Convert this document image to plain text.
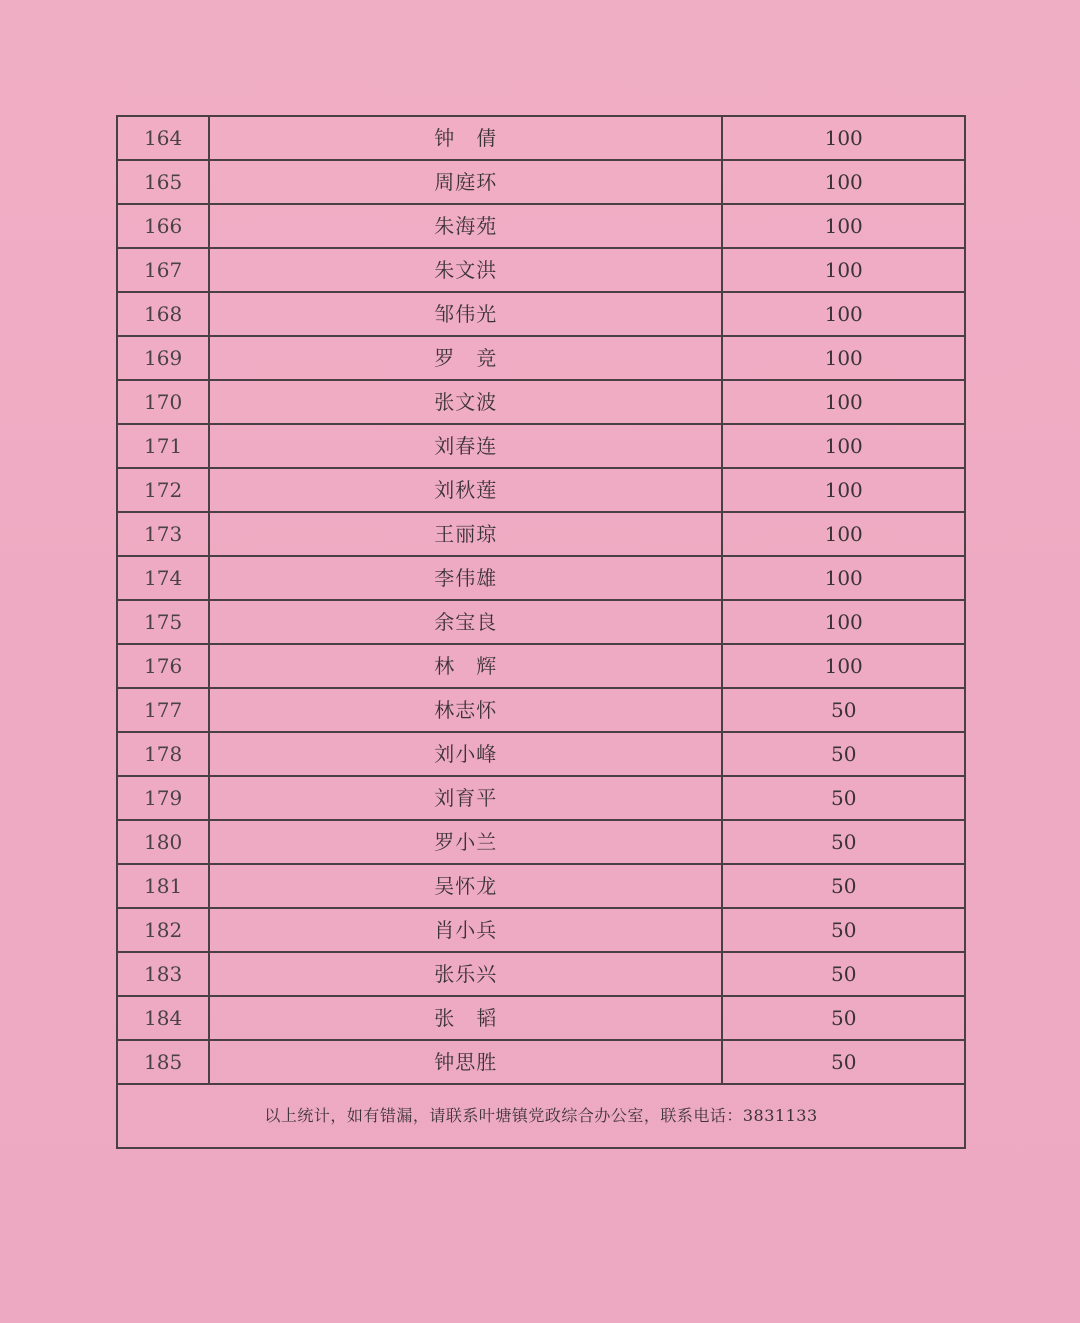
164	钟　倩	100
165	周庭环	100
166	朱海苑	100
167	朱文洪	100
168	邹伟光	100
169	罗　竞	100
170	张文波	100
171	刘春连	100
172	刘秋莲	100
173	王丽琼	100
174	李伟雄	100
175	余宝良	100
176	林　辉	100
177	林志怀	50
178	刘小峰	50
179	刘育平	50
180	罗小兰	50
181	吴怀龙	50
182	肖小兵	50
183	张乐兴	50
184	张　韬	50
185	钟思胜	50
以上统计，如有错漏，请联系叶塘镇党政综合办公室，联系电话：3831133		
